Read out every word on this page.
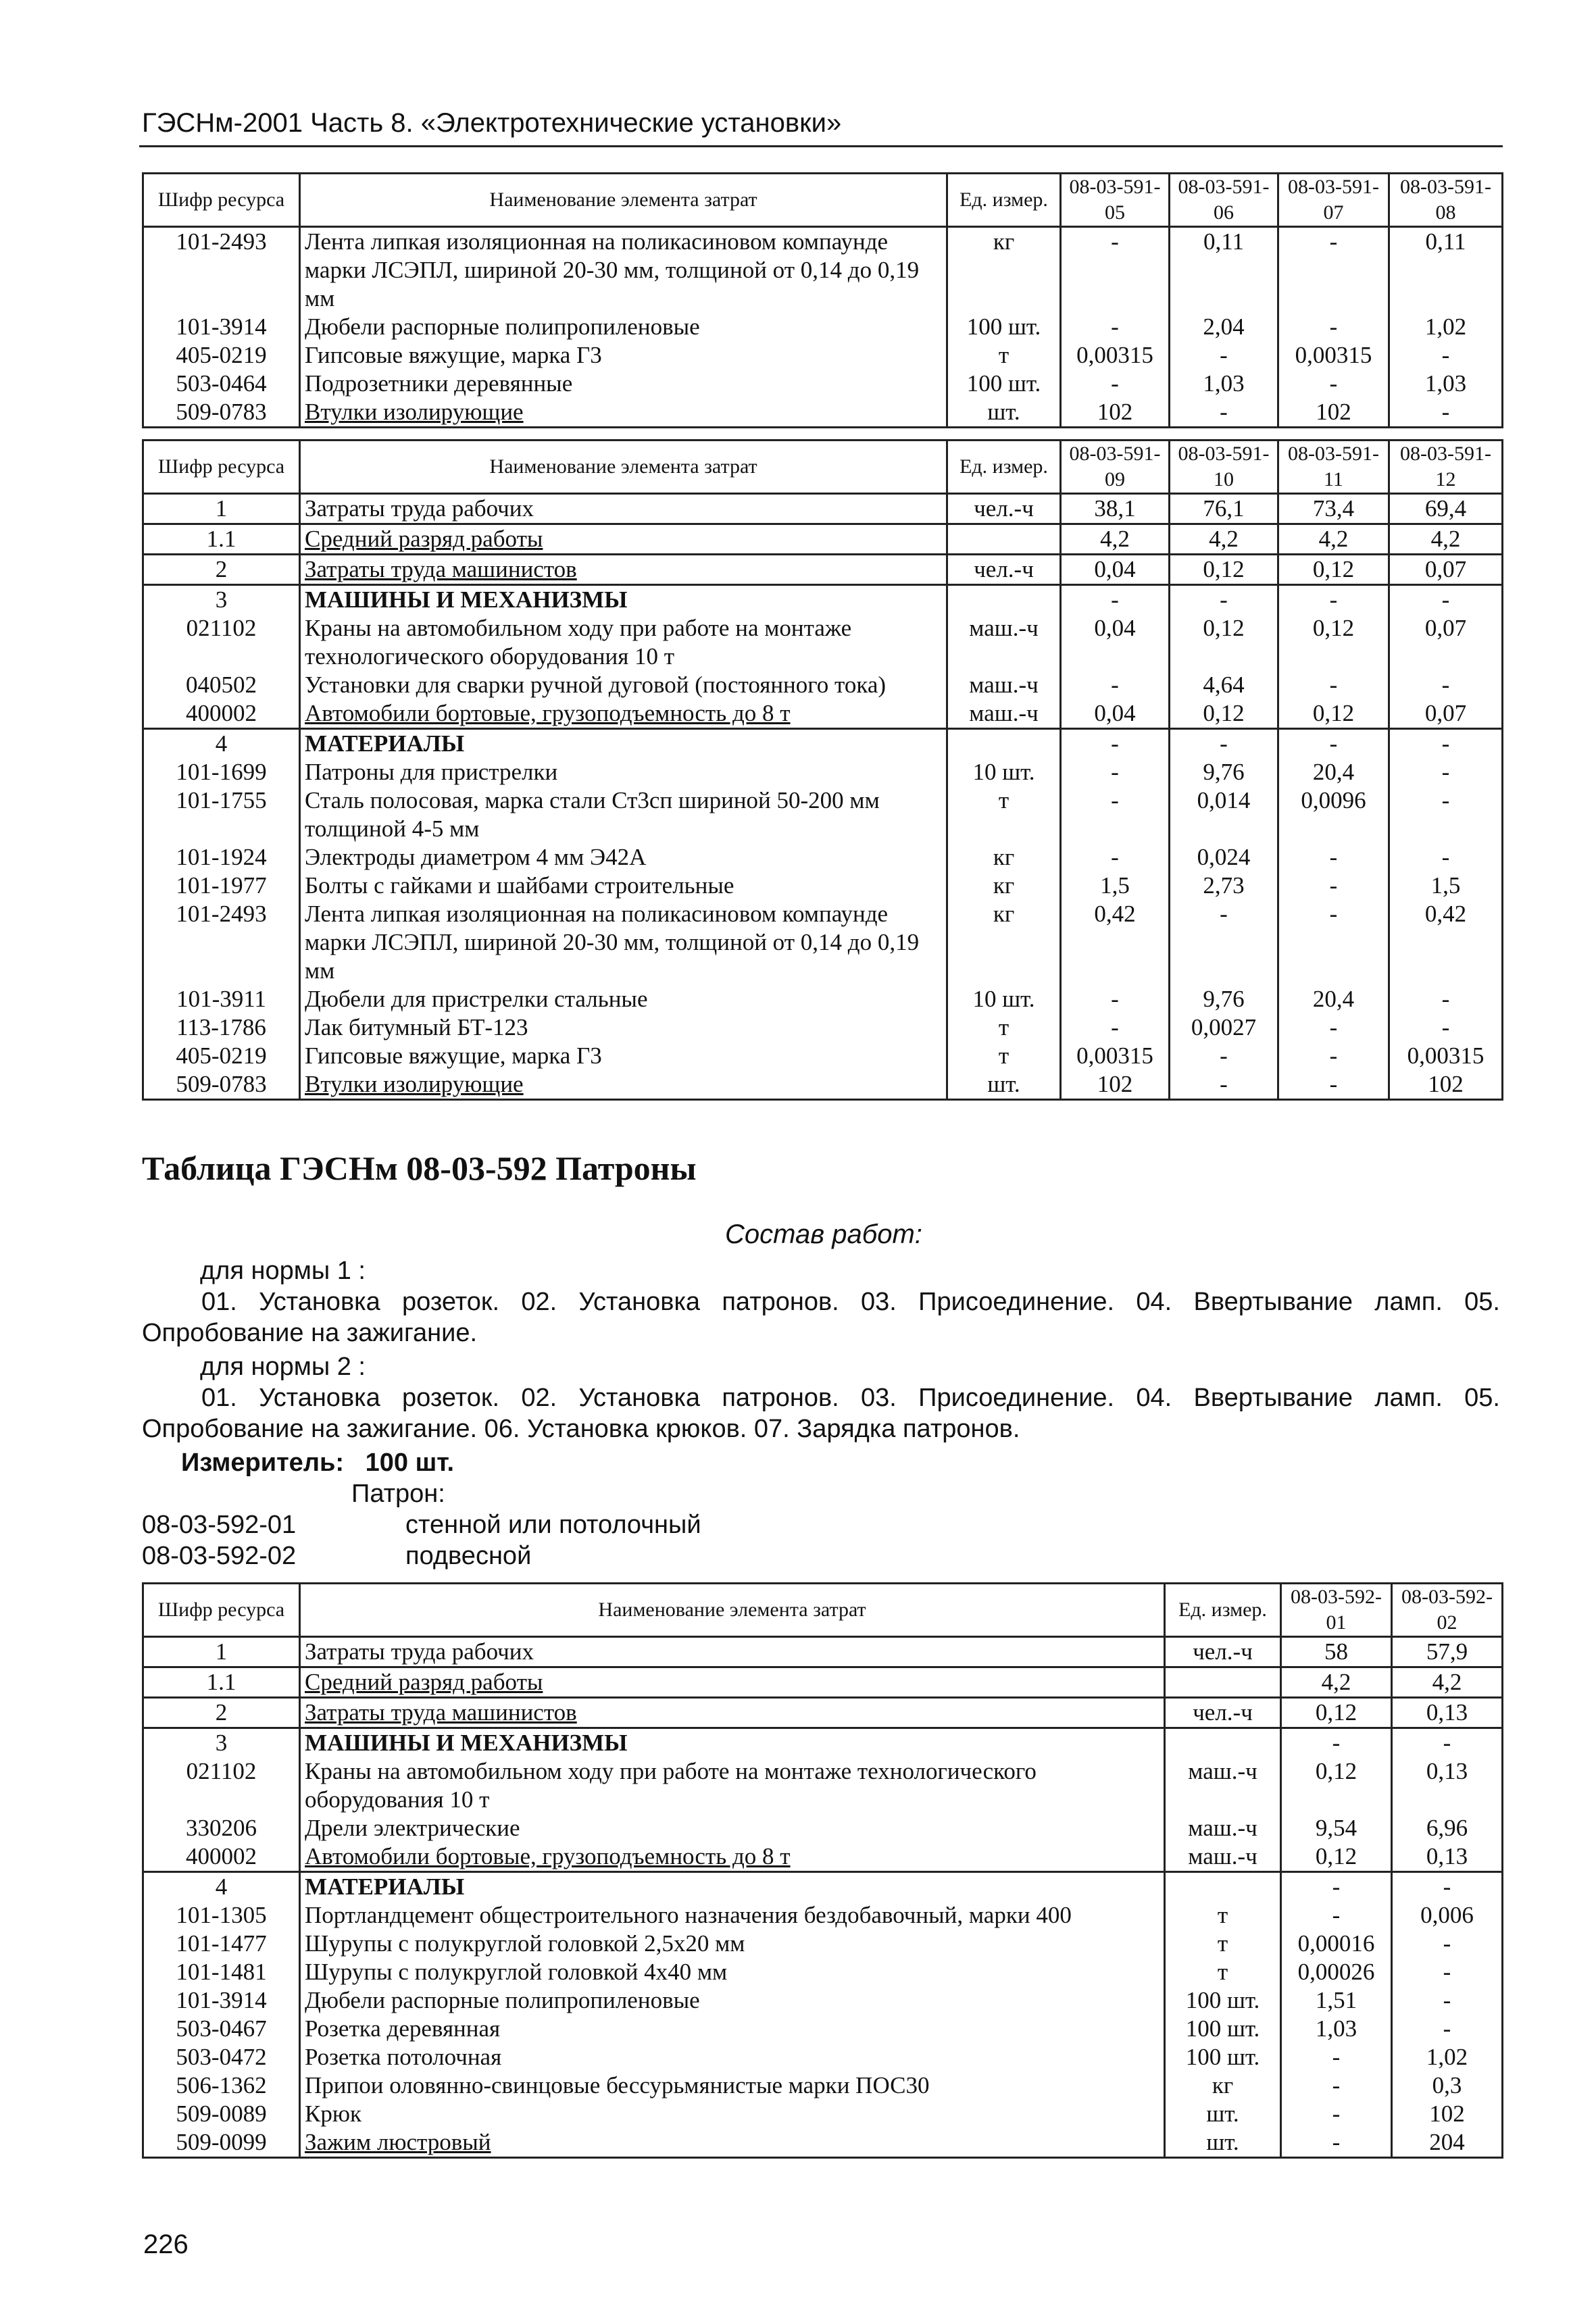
ГЭСНм-2001 Часть 8. «Электротехнические установки»
Шифр ресурса	Наименование элемента затрат	Ед. измер.	08-03-591-05	08-03-591-06	08-03-591-07	08-03-591-08
101-2493	Лента липкая изоляционная на поликасиновом компаунде марки ЛСЭПЛ, шириной 20-30 мм, толщиной от 0,14 до 0,19 мм	кг	-	0,11	-	0,11
101-3914	Дюбели распорные полипропиленовые	100 шт.	-	2,04	-	1,02
405-0219	Гипсовые вяжущие, марка Г3	т	0,00315	-	0,00315	-
503-0464	Подрозетники деревянные	100 шт.	-	1,03	-	1,03
509-0783	Втулки изолирующие	шт.	102	-	102	-
Шифр ресурса	Наименование элемента затрат	Ед. измер.	08-03-591-09	08-03-591-10	08-03-591-11	08-03-591-12
1	Затраты труда рабочих	чел.-ч	38,1	76,1	73,4	69,4
1.1	Средний разряд работы		4,2	4,2	4,2	4,2
2	Затраты труда машинистов	чел.-ч	0,04	0,12	0,12	0,07
3	МАШИНЫ И МЕХАНИЗМЫ		-	-	-	-
021102	Краны на автомобильном ходу при работе на монтаже технологического оборудования 10 т	маш.-ч	0,04	0,12	0,12	0,07
040502	Установки для сварки ручной дуговой (постоянного тока)	маш.-ч	-	4,64	-	-
400002	Автомобили бортовые, грузоподъемность до 8 т	маш.-ч	0,04	0,12	0,12	0,07
4	МАТЕРИАЛЫ		-	-	-	-
101-1699	Патроны для пристрелки	10 шт.	-	9,76	20,4	-
101-1755	Сталь полосовая, марка стали Ст3сп шириной 50-200 мм толщиной 4-5 мм	т	-	0,014	0,0096	-
101-1924	Электроды диаметром 4 мм Э42А	кг	-	0,024	-	-
101-1977	Болты с гайками и шайбами строительные	кг	1,5	2,73	-	1,5
101-2493	Лента липкая изоляционная на поликасиновом компаунде марки ЛСЭПЛ, шириной 20-30 мм, толщиной от 0,14 до 0,19 мм	кг	0,42	-	-	0,42
101-3911	Дюбели для пристрелки стальные	10 шт.	-	9,76	20,4	-
113-1786	Лак битумный БТ-123	т	-	0,0027	-	-
405-0219	Гипсовые вяжущие, марка Г3	т	0,00315	-	-	0,00315
509-0783	Втулки изолирующие	шт.	102	-	-	102
Таблица ГЭСНм 08-03-592 Патроны
Состав работ:
для нормы 1 :
01. Установка розеток. 02. Установка патронов. 03. Присоединение. 04. Ввертывание ламп. 05. Опробование на зажигание.
для нормы 2 :
01. Установка розеток. 02. Установка патронов. 03. Присоединение. 04. Ввертывание ламп. 05. Опробование на зажигание. 06. Установка крюков. 07. Зарядка патронов.
Измеритель:   100 шт.
Патрон:
08-03-592-01	стенной или потолочный
08-03-592-02	подвесной
Шифр ресурса	Наименование элемента затрат	Ед. измер.	08-03-592-01	08-03-592-02
1	Затраты труда рабочих	чел.-ч	58	57,9
1.1	Средний разряд работы		4,2	4,2
2	Затраты труда машинистов	чел.-ч	0,12	0,13
3	МАШИНЫ И МЕХАНИЗМЫ		-	-
021102	Краны на автомобильном ходу при работе на монтаже технологического оборудования 10 т	маш.-ч	0,12	0,13
330206	Дрели электрические	маш.-ч	9,54	6,96
400002	Автомобили бортовые, грузоподъемность до 8 т	маш.-ч	0,12	0,13
4	МАТЕРИАЛЫ		-	-
101-1305	Портландцемент общестроительного назначения бездобавочный, марки 400	т	-	0,006
101-1477	Шурупы с полукруглой головкой 2,5x20 мм	т	0,00016	-
101-1481	Шурупы с полукруглой головкой 4x40 мм	т	0,00026	-
101-3914	Дюбели распорные полипропиленовые	100 шт.	1,51	-
503-0467	Розетка деревянная	100 шт.	1,03	-
503-0472	Розетка потолочная	100 шт.	-	1,02
506-1362	Припои оловянно-свинцовые бессурьмянистые марки ПОС30	кг	-	0,3
509-0089	Крюк	шт.	-	102
509-0099	Зажим люстровый	шт.	-	204
226
